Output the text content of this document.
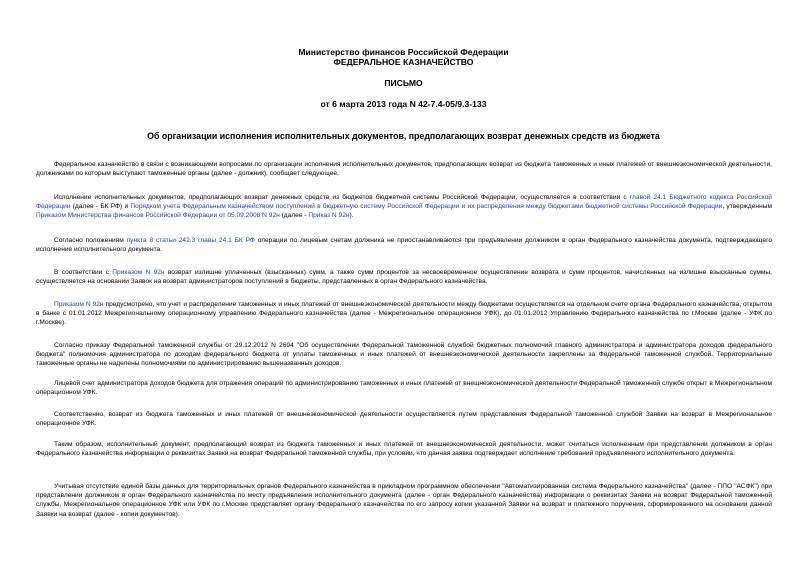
Министерство финансов Российской Федерации
ФЕДЕРАЛЬНОЕ КАЗНАЧЕЙСТВО
ПИСЬМО
от 6 марта 2013 года N 42-7.4-05/9.3-133
Об организации исполнения исполнительных документов, предполагающих возврат денежных средств из бюджета

Федеральное казначейство в связи с возникающими вопросами по организации исполнения исполнительных документов, предполагающих возврат из бюджета таможенных и иных платежей от внешнеэкономической деятельности, должниками по которым выступают таможенные органы (далее - должник), сообщает следующее.

Исполнение исполнительных документов, предполагающих возврат денежных средств из бюджетов бюджетной системы Российской Федерации, осуществляется в соответствии с главой 24.1 Бюджетного кодекса Российской Федерации (далее - БК РФ) и Порядком учета Федеральным казначейством поступлений в бюджетную систему Российской Федерации и их распределения между бюджетами бюджетной системы Российской Федерации, утвержденным Приказом Министерства финансов Российской Федерации от 05.09.2008 N 92н (далее - Приказ N 92н).

Согласно положениям пункта 8 статьи 242.3 главы 24.1 БК РФ операции по лицевым счетам должника не приостанавливаются при предъявлении должником в орган Федерального казначейства документа, подтверждающего исполнение исполнительного документа.

В соответствии с Приказом N 92н возврат излишне уплаченных (взысканных) сумм, а также сумм процентов за несвоевременное осуществление возврата и сумм процентов, начисленных на излишне взысканные суммы, осуществляется на основании Заявок на возврат администраторов поступлений в бюджеты, представленных в орган Федерального казначейства.

Приказом N 92н предусмотрено, что учет и распределение таможенных и иных платежей от внешнеэкономической деятельности между бюджетами осуществляется на отдельном счете органа Федерального казначейства, открытом в банке с 01.01.2012 Межрегиональному операционному управлению Федерального казначейства (далее - Межрегиональное операционное УФК), до 01.01.2012 Управлению Федерального казначейства по г.Москве (далее - УФК по г.Москве).

Согласно приказу Федеральной таможенной службы от 29.12.2012 N 2694 "Об осуществлении Федеральной таможенной службой бюджетных полномочий главного администратора и администратора доходов федерального бюджета" полномочия администратора по доходам федерального бюджета от уплаты таможенных и иных платежей от внешнеэкономической деятельности закреплены за Федеральной таможенной службой. Территориальные таможенные органы не наделены полномочиями по администрированию вышеназванных доходов.

Лицевой счет администратора доходов бюджета для отражения операций по администрированию таможенных и иных платежей от внешнеэкономической деятельности Федеральной таможенной службе открыт в Межрегиональном операционном УФК.

Соответственно, возврат из бюджета таможенных и иных платежей от внешнеэкономической деятельности осуществляется путем представления Федеральной таможенной службой Заявки на возврат в Межрегиональное операционное УФК.

Таким образом, исполнительный документ, предполагающий возврат из бюджета таможенных и иных платежей от внешнеэкономической деятельности, может считаться исполненным при представлении должником в орган Федерального казначейства информации о реквизитах Заявки на возврат Федеральной таможенной службы, при условии, что данная заявка подтверждает исполнение требований предъявленного исполнительного документа.

Учитывая отсутствие единой базы данных для территориальных органов Федерального казначейства в прикладном программном обеспечении "Автоматизированная система Федерального казначейства" (далее - ППО "АСФК") при представлении должником в орган Федерального казначейства по месту предъявления исполнительного документа (далее - орган Федерального казначейства) информации о реквизитах Заявки на возврат Федеральной таможенной службы, Межрегиональное операционное УФК или УФК по г.Москве представляет органу Федерального казначейства по его запросу копии указанной Заявки на возврат и платежного поручения, сформированного на основании данной Заявки на возврат (далее - копии документов).
